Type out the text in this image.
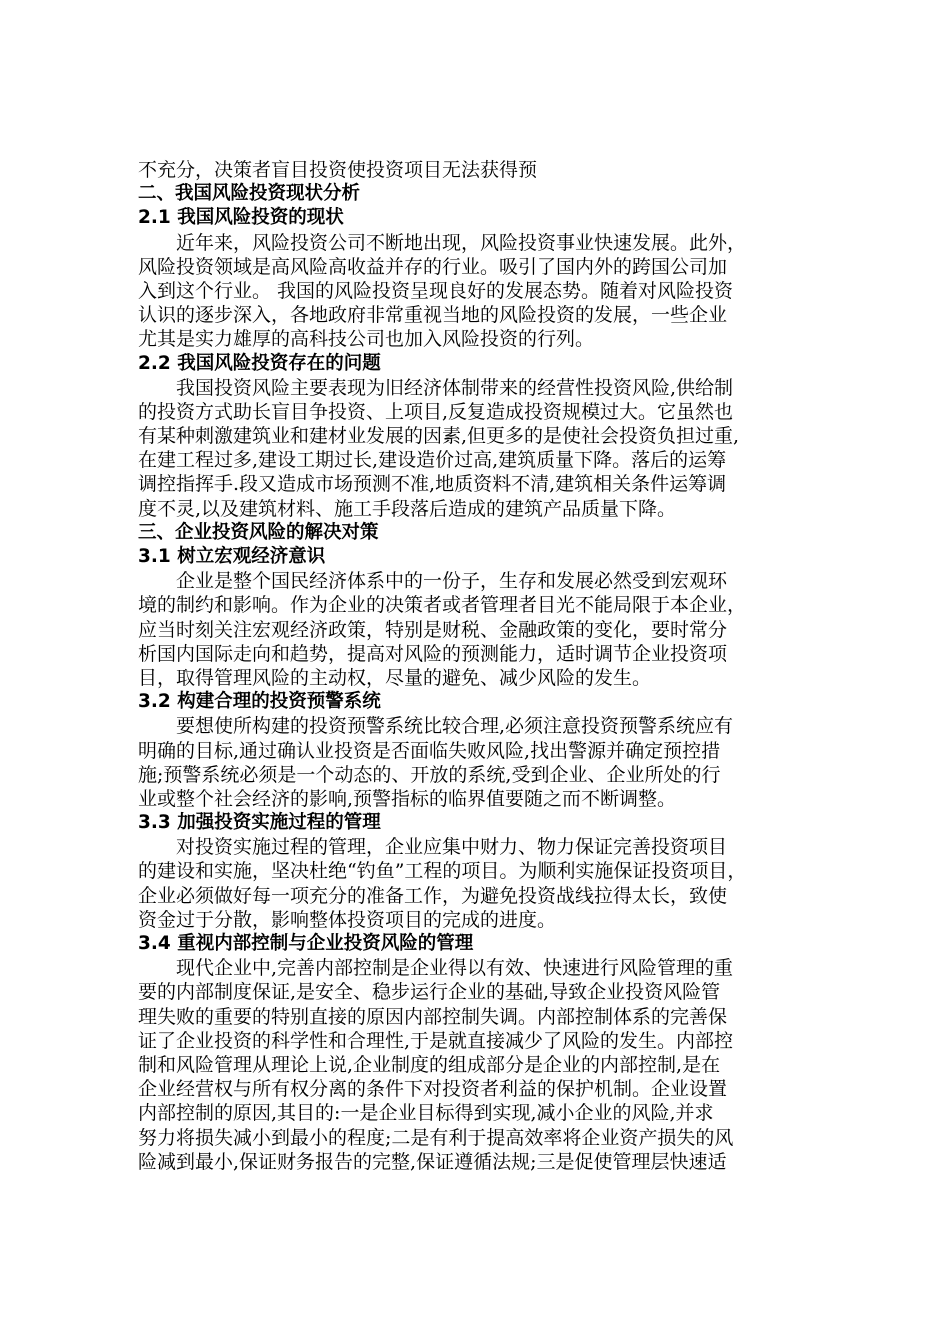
不充分，决策者盲目投资使投资项目无法获得预
二、我国风险投资现状分析
2.1 我国风险投资的现状
近年来，风险投资公司不断地出现，风险投资事业快速发展。此外，
风险投资领域是高风险高收益并存的行业。吸引了国内外的跨国公司加
入到这个行业。 我国的风险投资呈现良好的发展态势。随着对风险投资
认识的逐步深入，各地政府非常重视当地的风险投资的发展，一些企业
尤其是实力雄厚的高科技公司也加入风险投资的行列。
2.2 我国风险投资存在的问题
我国投资风险主要表现为旧经济体制带来的经营性投资风险,供给制
的投资方式助长盲目争投资、上项目,反复造成投资规模过大。它虽然也
有某种刺激建筑业和建材业发展的因素,但更多的是使社会投资负担过重,
在建工程过多,建设工期过长,建设造价过高,建筑质量下降。落后的运筹
调控指挥手.段又造成市场预测不准,地质资料不清,建筑相关条件运筹调
度不灵,以及建筑材料、施工手段落后造成的建筑产品质量下降。
三、企业投资风险的解决对策
3.1 树立宏观经济意识
企业是整个国民经济体系中的一份子，生存和发展必然受到宏观环
境的制约和影响。作为企业的决策者或者管理者目光不能局限于本企业，
应当时刻关注宏观经济政策，特别是财税、金融政策的变化，要时常分
析国内国际走向和趋势，提高对风险的预测能力，适时调节企业投资项
目，取得管理风险的主动权，尽量的避免、减少风险的发生。
3.2 构建合理的投资预警系统
要想使所构建的投资预警系统比较合理,必须注意投资预警系统应有
明确的目标,通过确认业投资是否面临失败风险,找出警源并确定预控措
施;预警系统必须是一个动态的、开放的系统,受到企业、企业所处的行
业或整个社会经济的影响,预警指标的临界值要随之而不断调整。
3.3 加强投资实施过程的管理
对投资实施过程的管理，企业应集中财力、物力保证完善投资项目
的建设和实施，坚决杜绝“钓鱼”工程的项目。为顺利实施保证投资项目，
企业必须做好每一项充分的准备工作，为避免投资战线拉得太长，致使
资金过于分散，影响整体投资项目的完成的进度。
3.4 重视内部控制与企业投资风险的管理
现代企业中,完善内部控制是企业得以有效、快速进行风险管理的重
要的内部制度保证,是安全、稳步运行企业的基础,导致企业投资风险管
理失败的重要的特别直接的原因内部控制失调。内部控制体系的完善保
证了企业投资的科学性和合理性,于是就直接减少了风险的发生。内部控
制和风险管理从理论上说,企业制度的组成部分是企业的内部控制,是在
企业经营权与所有权分离的条件下对投资者利益的保护机制。企业设置
内部控制的原因,其目的:一是企业目标得到实现,减小企业的风险,并求
努力将损失减小到最小的程度;二是有利于提高效率将企业资产损失的风
险减到最小,保证财务报告的完整,保证遵循法规;三是促使管理层快速适
